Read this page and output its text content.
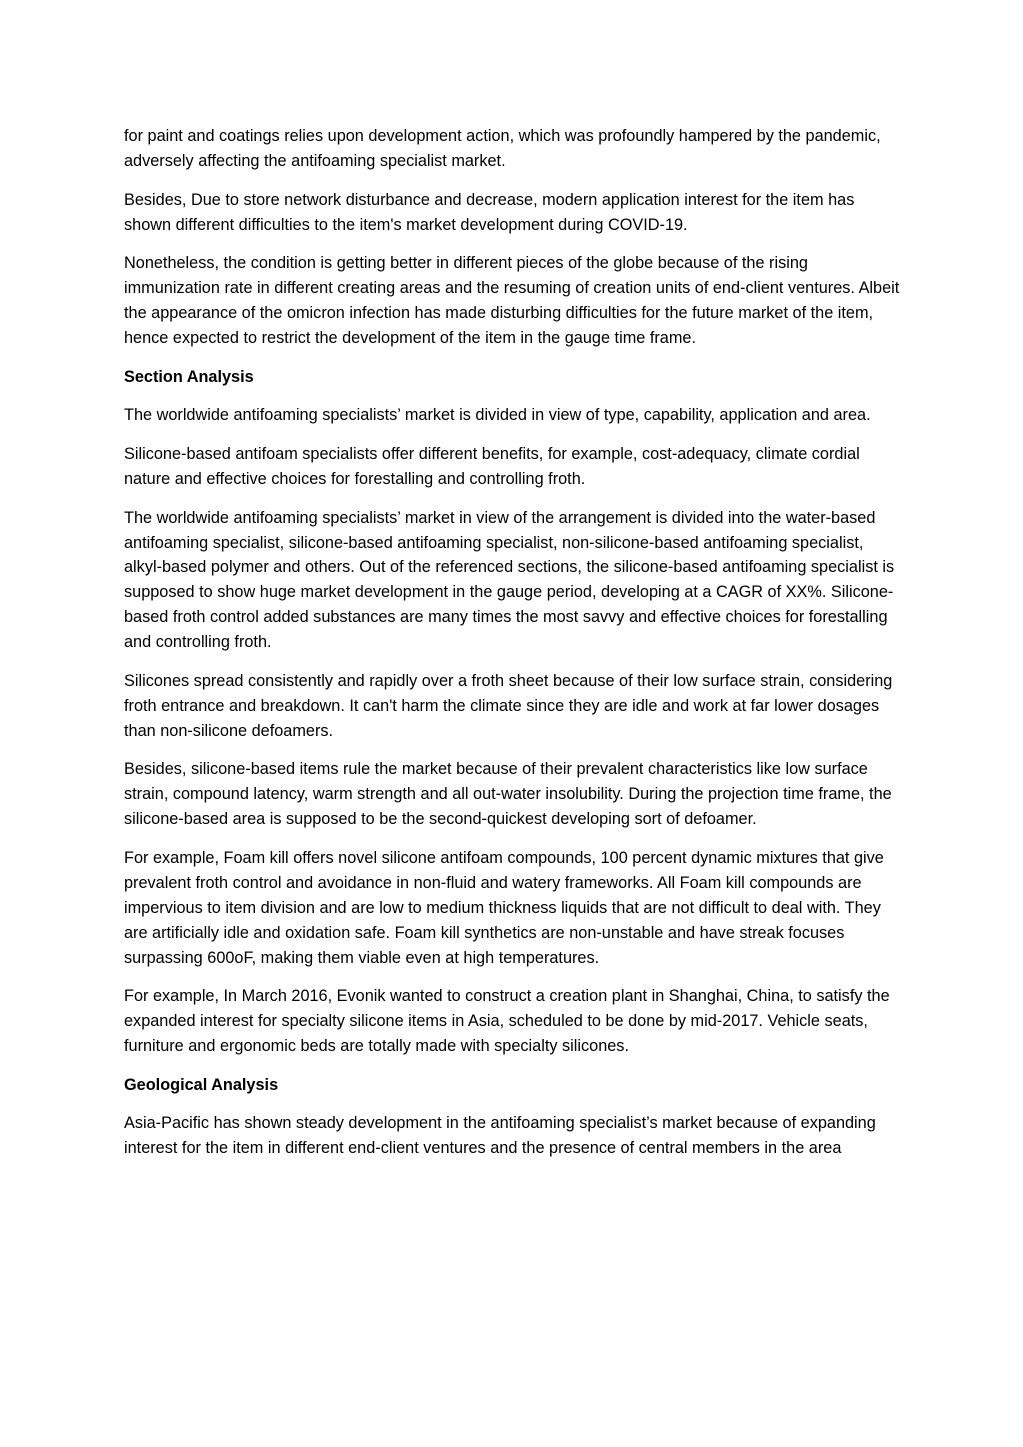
for paint and coatings relies upon development action, which was profoundly hampered by the pandemic, adversely affecting the antifoaming specialist market.

Besides, Due to store network disturbance and decrease, modern application interest for the item has shown different difficulties to the item's market development during COVID-19.

Nonetheless, the condition is getting better in different pieces of the globe because of the rising immunization rate in different creating areas and the resuming of creation units of end-client ventures. Albeit the appearance of the omicron infection has made disturbing difficulties for the future market of the item, hence expected to restrict the development of the item in the gauge time frame.

Section Analysis

The worldwide antifoaming specialists’ market is divided in view of type, capability, application and area.

Silicone-based antifoam specialists offer different benefits, for example, cost-adequacy, climate cordial nature and effective choices for forestalling and controlling froth.

The worldwide antifoaming specialists’ market in view of the arrangement is divided into the water-based antifoaming specialist, silicone-based antifoaming specialist, non-silicone-based antifoaming specialist, alkyl-based polymer and others. Out of the referenced sections, the silicone-based antifoaming specialist is supposed to show huge market development in the gauge period, developing at a CAGR of XX%. Silicone-based froth control added substances are many times the most savvy and effective choices for forestalling and controlling froth.

Silicones spread consistently and rapidly over a froth sheet because of their low surface strain, considering froth entrance and breakdown. It can't harm the climate since they are idle and work at far lower dosages than non-silicone defoamers.

Besides, silicone-based items rule the market because of their prevalent characteristics like low surface strain, compound latency, warm strength and all out-water insolubility. During the projection time frame, the silicone-based area is supposed to be the second-quickest developing sort of defoamer.

For example, Foam kill offers novel silicone antifoam compounds, 100 percent dynamic mixtures that give prevalent froth control and avoidance in non-fluid and watery frameworks. All Foam kill compounds are impervious to item division and are low to medium thickness liquids that are not difficult to deal with. They are artificially idle and oxidation safe. Foam kill synthetics are non-unstable and have streak focuses surpassing 600oF, making them viable even at high temperatures.

For example, In March 2016, Evonik wanted to construct a creation plant in Shanghai, China, to satisfy the expanded interest for specialty silicone items in Asia, scheduled to be done by mid-2017. Vehicle seats, furniture and ergonomic beds are totally made with specialty silicones.

Geological Analysis

Asia-Pacific has shown steady development in the antifoaming specialist’s market because of expanding interest for the item in different end-client ventures and the presence of central members in the area
